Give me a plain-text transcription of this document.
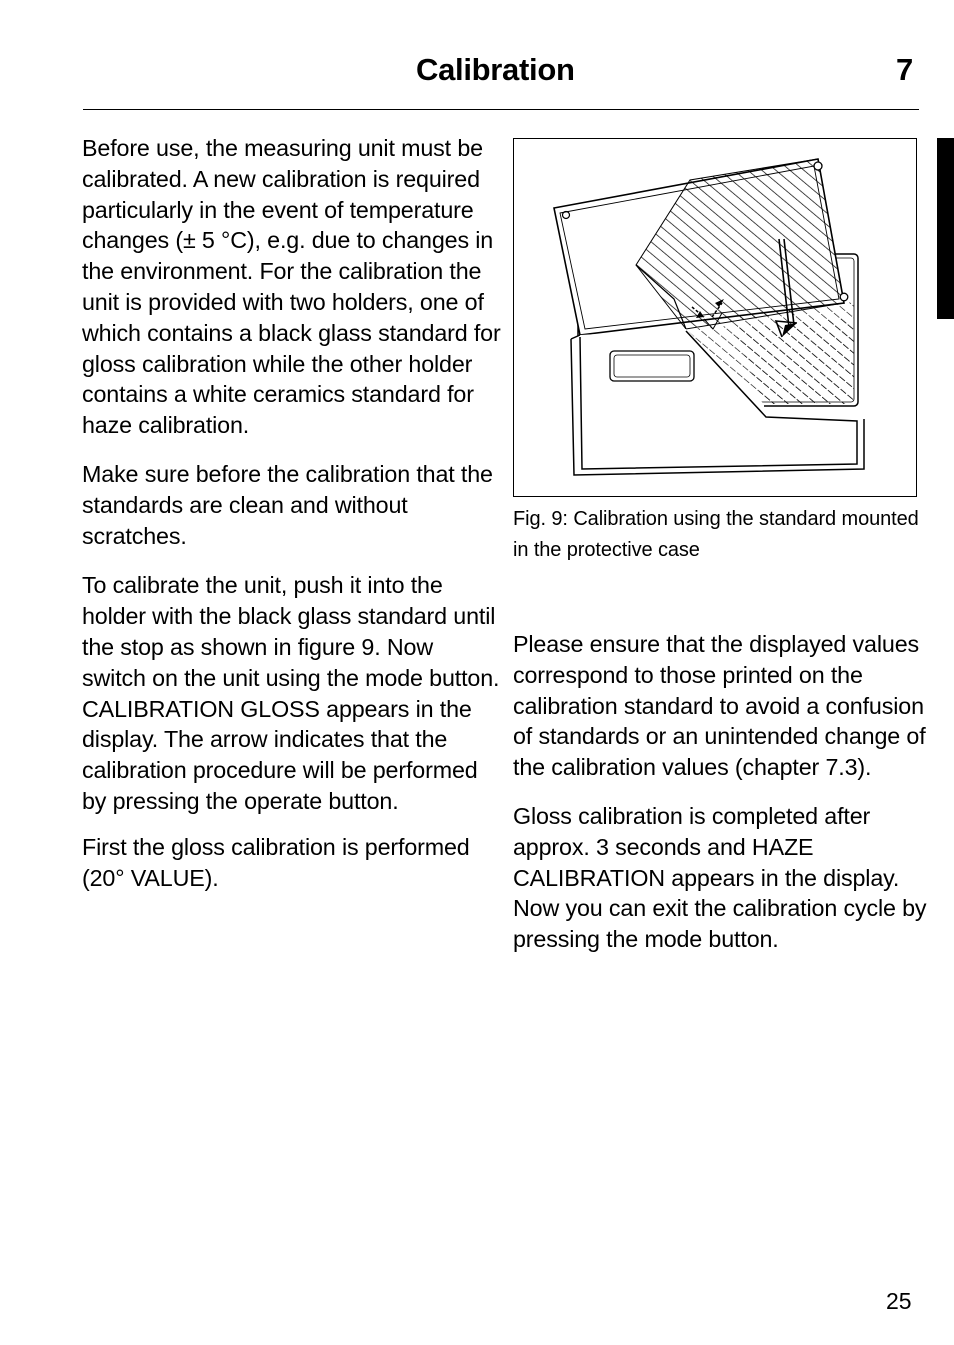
Calibration	7

Before use, the measuring unit must be calibrated. A new calibration is required particularly in the event of temperature changes (± 5 °C), e.g. due to changes in the environment. For the calibration the unit is provided with two holders, one of which contains a black glass standard for gloss calibration while the other holder contains a white ceramics standard for haze calibration.

Make sure before the calibration that the standards are clean and without scratches.

To calibrate the unit, push it into the holder with the black glass standard until the stop as shown in figure 9. Now switch on the unit using the mode button. CALIBRATION GLOSS appears in the display. The arrow indicates that the calibration procedure will be performed by pressing the operate button.

First the gloss calibration is performed (20° VALUE).

Fig. 9: Calibration using the standard mounted in the protective case

Please ensure that the displayed values correspond to those printed on the calibration standard to avoid a confusion of standards or an unintended change of the calibration values (chapter 7.3).

Gloss calibration is completed after approx. 3 seconds and HAZE CALIBRATION appears in the display. Now you can exit the calibration cycle by pressing the mode button.

25
